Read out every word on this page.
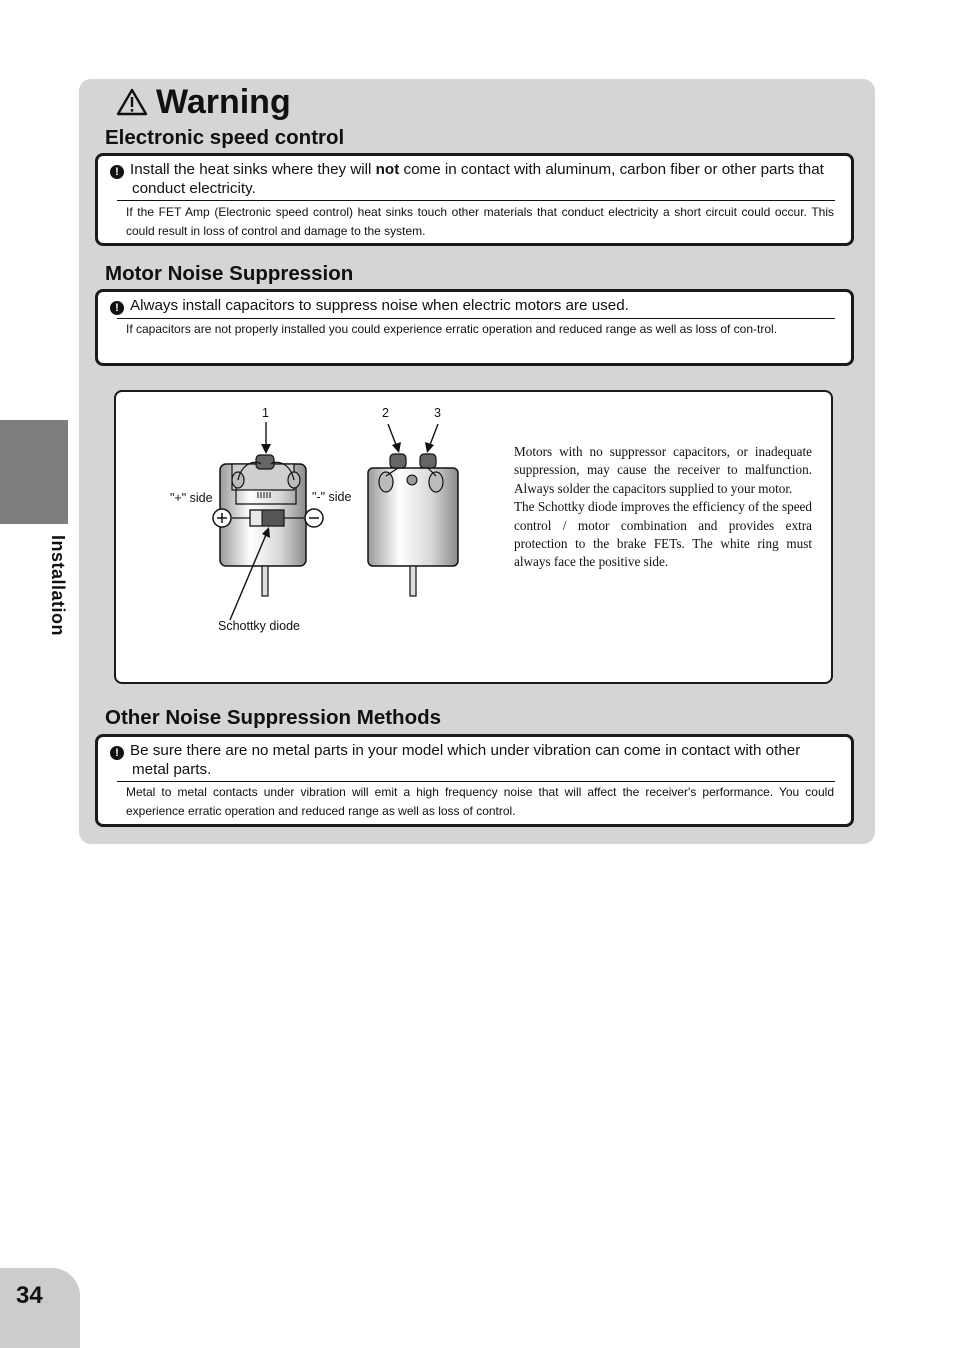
Warning
Electronic speed control
! Install the heat sinks where they will not come in contact with aluminum, carbon fiber or other parts that conduct electricity.
If the FET Amp (Electronic speed control) heat sinks touch other materials that conduct electricity a short circuit could occur. This could result in loss of control and damage to the system.
Motor Noise Suppression
! Always install capacitors to suppress noise when electric motors are used.
If capacitors are not properly installed you could experience erratic operation and reduced range as well as loss of con-trol.
1	2	3
"+" side	"-" side
Schottky diode
Motors with no suppressor capacitors, or inadequate suppression, may cause the receiver to malfunction. Always solder the capacitors supplied to your motor.
The Schottky diode improves the efficiency of the speed control / motor combination and provides extra protection to the brake FETs. The white ring must always face the positive side.
Other Noise Suppression Methods
! Be sure there are no metal parts in your model which under vibration can come in contact with other metal parts.
Metal to metal contacts under vibration will emit a high frequency noise that will affect the receiver's performance. You could experience erratic operation and reduced range as well as loss of control.
Installation
34
